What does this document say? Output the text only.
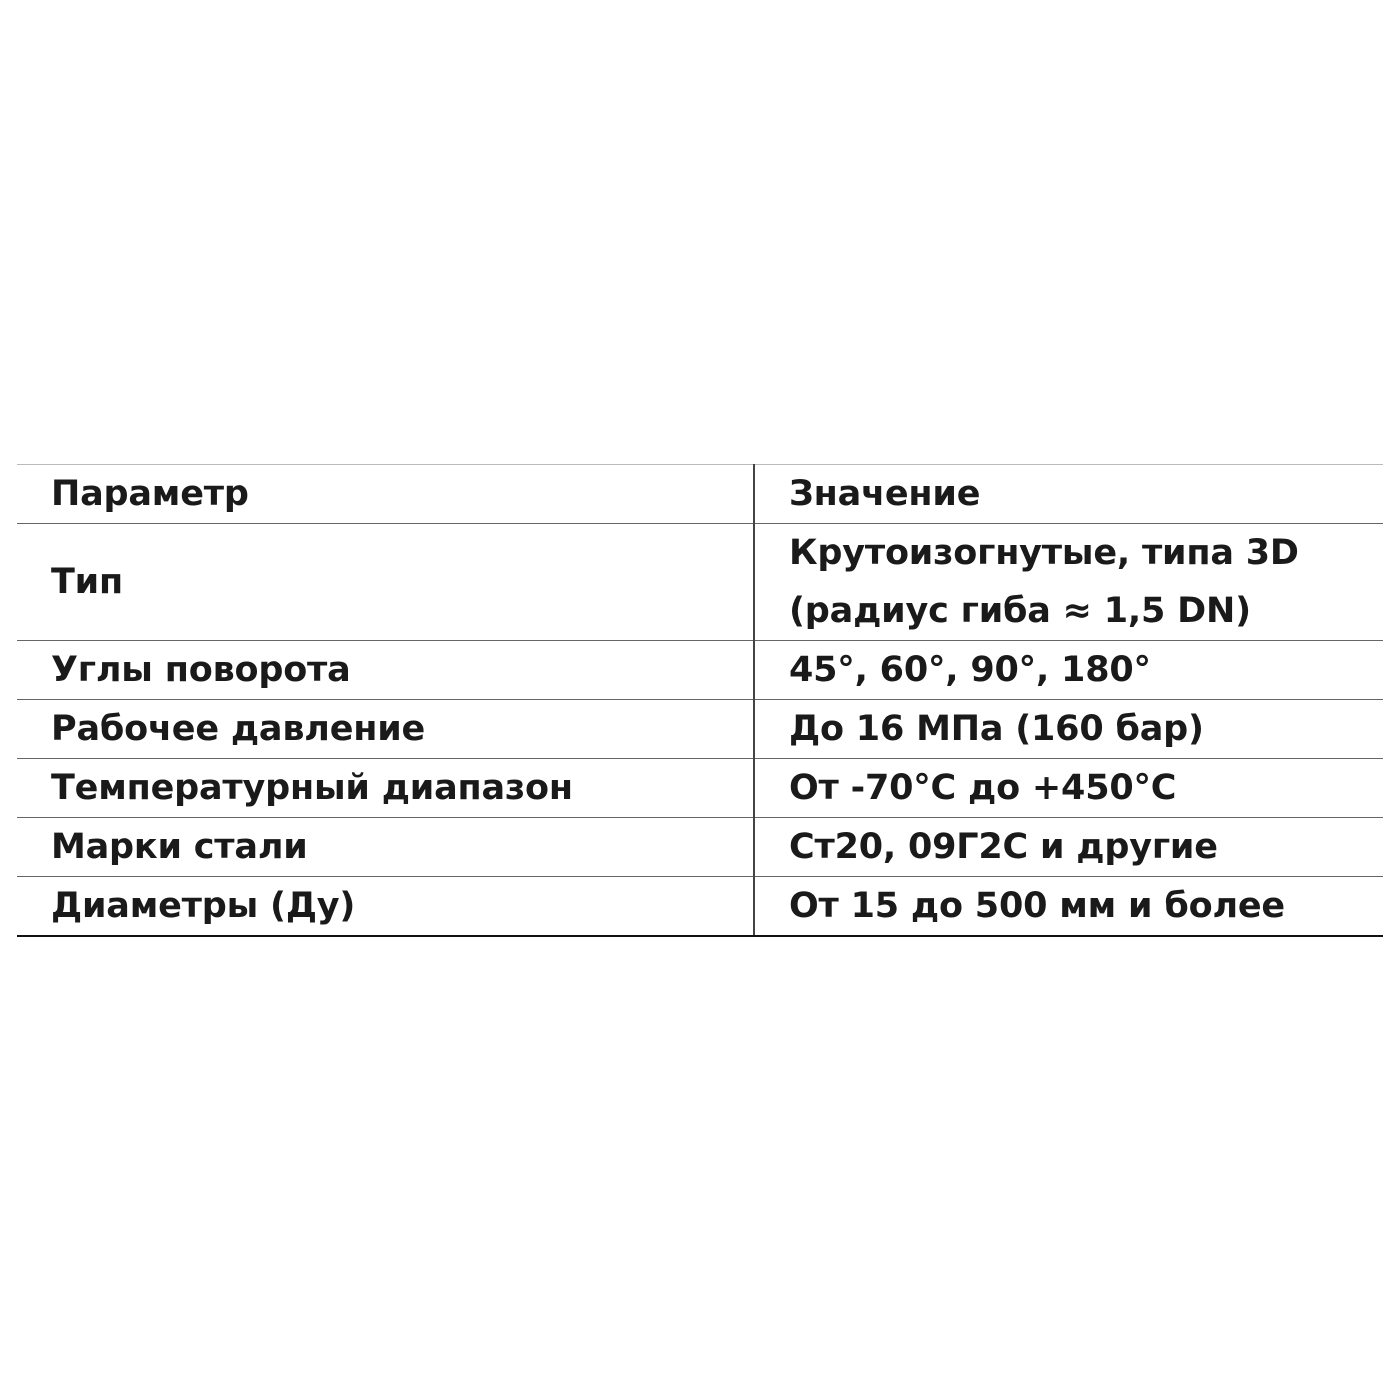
Параметр	Значение
Тип	Крутоизогнутые, типа 3D
(радиус гиба ≈ 1,5 DN)

Углы поворота	45°, 60°, 90°, 180°
Рабочее давление	До 16 МПа (160 бар)
Температурный диапазон	От -70°С до +450°С
Марки стали	Ст20, 09Г2С и другие
Диаметры (Ду)	От 15 до 500 мм и более
